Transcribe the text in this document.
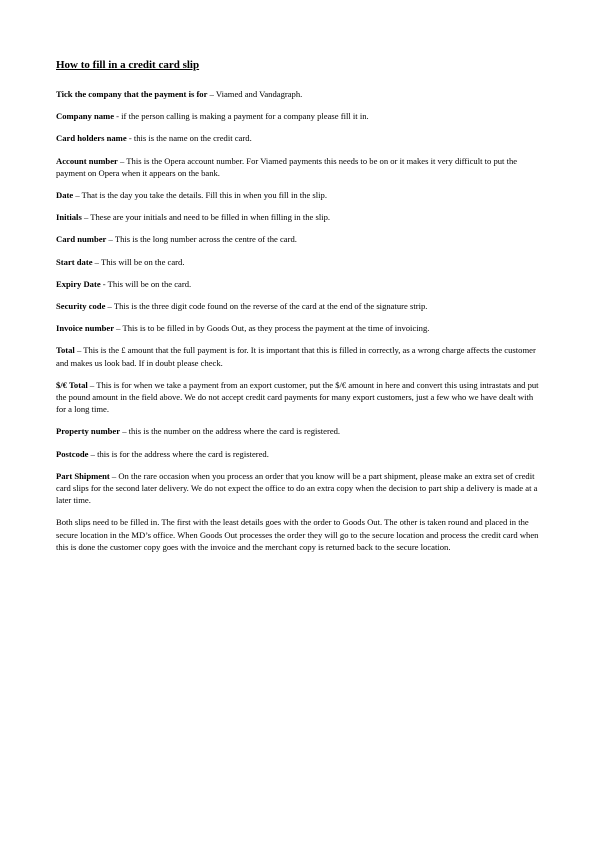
How to fill in a credit card slip
Tick the company that the payment is for – Viamed and Vandagraph.
Company name - if the person calling is making a payment for a company please fill it in.
Card holders name - this is the name on the credit card.
Account number – This is the Opera account number. For Viamed payments this needs to be on or it makes it very difficult to put the payment on Opera when it appears on the bank.
Date – That is the day you take the details. Fill this in when you fill in the slip.
Initials – These are your initials and need to be filled in when filling in the slip.
Card number – This is the long number across the centre of the card.
Start date – This will be on the card.
Expiry Date - This will be on the card.
Security code – This is the three digit code found on the reverse of the card at the end of the signature strip.
Invoice number – This is to be filled in by Goods Out, as they process the payment at the time of invoicing.
Total – This is the £ amount that the full payment is for. It is important that this is filled in correctly, as a wrong charge affects the customer and makes us look bad. If in doubt please check.
$/€ Total – This is for when we take a payment from an export customer, put the $/€ amount in here and convert this using intrastats and put the pound amount in the field above. We do not accept credit card payments for many export customers, just a few who we have dealt with for a long time.
Property number – this is the number on the address where the card is registered.
Postcode – this is for the address where the card is registered.
Part Shipment – On the rare occasion when you process an order that you know will be a part shipment, please make an extra set of credit card slips for the second later delivery. We do not expect the office to do an extra copy when the decision to part ship a delivery is made at a later time.
Both slips need to be filled in. The first with the least details goes with the order to Goods Out. The other is taken round and placed in the secure location in the MD’s office. When Goods Out processes the order they will go to the secure location and process the credit card when this is done the customer copy goes with the invoice and the merchant copy is returned back to the secure location.
